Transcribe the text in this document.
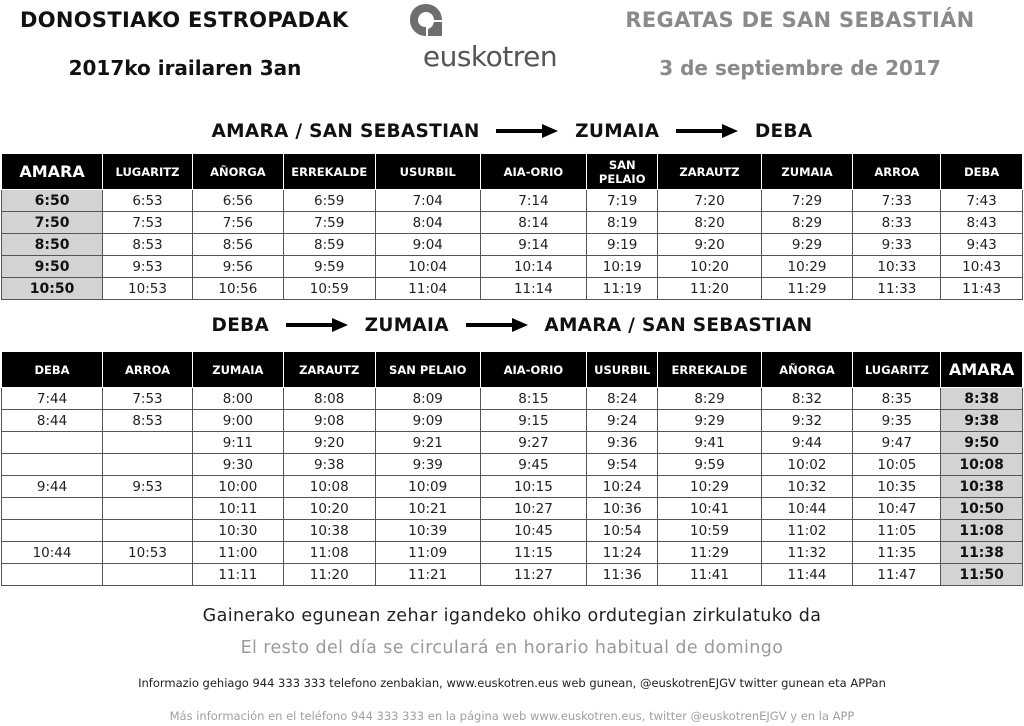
DONOSTIAKO ESTROPADAK
2017ko irailaren 3an	euskotren
REGATAS DE SAN SEBASTIÁN
3 de septiembre de 2017
AMARA / SAN SEBASTIAN	ZUMAIA	DEBA
AMARA	LUGARITZ	AÑORGA	ERREKALDE	USURBIL	AIA-ORIO	SAN PELAIO	ZARAUTZ	ZUMAIA	ARROA	DEBA
6:50	6:53	6:56	6:59	7:04	7:14	7:19	7:20	7:29	7:33	7:43
7:50	7:53	7:56	7:59	8:04	8:14	8:19	8:20	8:29	8:33	8:43
8:50	8:53	8:56	8:59	9:04	9:14	9:19	9:20	9:29	9:33	9:43
9:50	9:53	9:56	9:59	10:04	10:14	10:19	10:20	10:29	10:33	10:43
10:50	10:53	10:56	10:59	11:04	11:14	11:19	11:20	11:29	11:33	11:43
DEBA	ZUMAIA	AMARA / SAN SEBASTIAN
DEBA	ARROA	ZUMAIA	ZARAUTZ	SAN PELAIO	AIA-ORIO	USURBIL	ERREKALDE	AÑORGA	LUGARITZ	AMARA
7:44	7:53	8:00	8:08	8:09	8:15	8:24	8:29	8:32	8:35	8:38
8:44	8:53	9:00	9:08	9:09	9:15	9:24	9:29	9:32	9:35	9:38
		9:11	9:20	9:21	9:27	9:36	9:41	9:44	9:47	9:50
		9:30	9:38	9:39	9:45	9:54	9:59	10:02	10:05	10:08
9:44	9:53	10:00	10:08	10:09	10:15	10:24	10:29	10:32	10:35	10:38
		10:11	10:20	10:21	10:27	10:36	10:41	10:44	10:47	10:50
		10:30	10:38	10:39	10:45	10:54	10:59	11:02	11:05	11:08
10:44	10:53	11:00	11:08	11:09	11:15	11:24	11:29	11:32	11:35	11:38
		11:11	11:20	11:21	11:27	11:36	11:41	11:44	11:47	11:50
Gainerako egunean zehar igandeko ohiko ordutegian zirkulatuko da
El resto del día se circulará en horario habitual de domingo
Informazio gehiago 944 333 333 telefono zenbakian, www.euskotren.eus web gunean, @euskotrenEJGV twitter gunean eta APPan
Más información en el teléfono 944 333 333 en la página web www.euskotren.eus, twitter @euskotrenEJGV y en la APP
